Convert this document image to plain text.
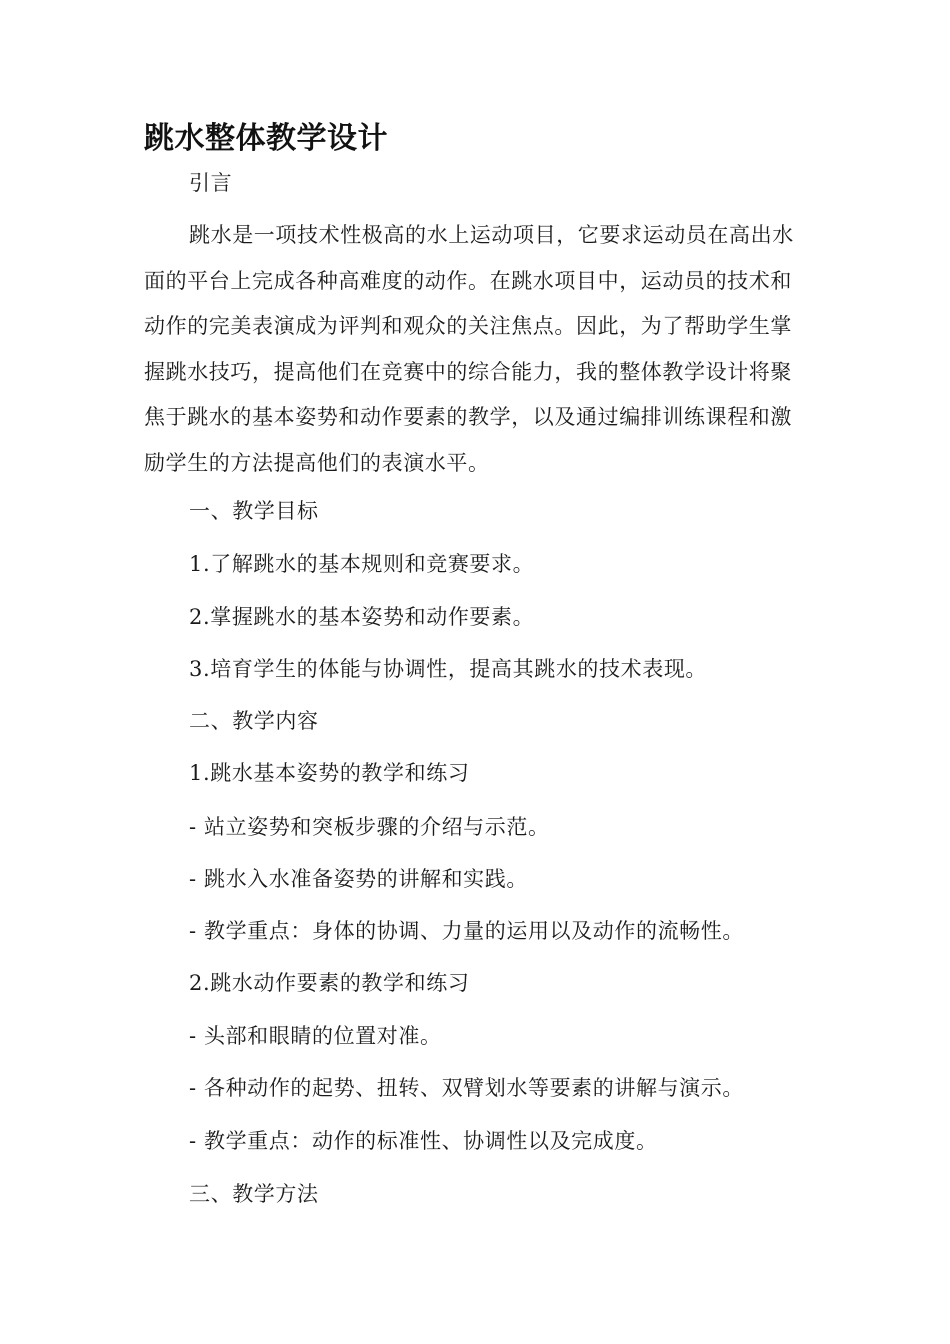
跳水整体教学设计

引言

跳水是一项技术性极高的水上运动项目，它要求运动员在高出水面的平台上完成各种高难度的动作。在跳水项目中，运动员的技术和动作的完美表演成为评判和观众的关注焦点。因此，为了帮助学生掌握跳水技巧，提高他们在竞赛中的综合能力，我的整体教学设计将聚焦于跳水的基本姿势和动作要素的教学，以及通过编排训练课程和激励学生的方法提高他们的表演水平。

一、教学目标

1.了解跳水的基本规则和竞赛要求。

2.掌握跳水的基本姿势和动作要素。

3.培育学生的体能与协调性，提高其跳水的技术表现。

二、教学内容

1.跳水基本姿势的教学和练习

- 站立姿势和突板步骤的介绍与示范。

- 跳水入水准备姿势的讲解和实践。

- 教学重点：身体的协调、力量的运用以及动作的流畅性。

2.跳水动作要素的教学和练习

- 头部和眼睛的位置对准。

- 各种动作的起势、扭转、双臂划水等要素的讲解与演示。

- 教学重点：动作的标准性、协调性以及完成度。

三、教学方法
